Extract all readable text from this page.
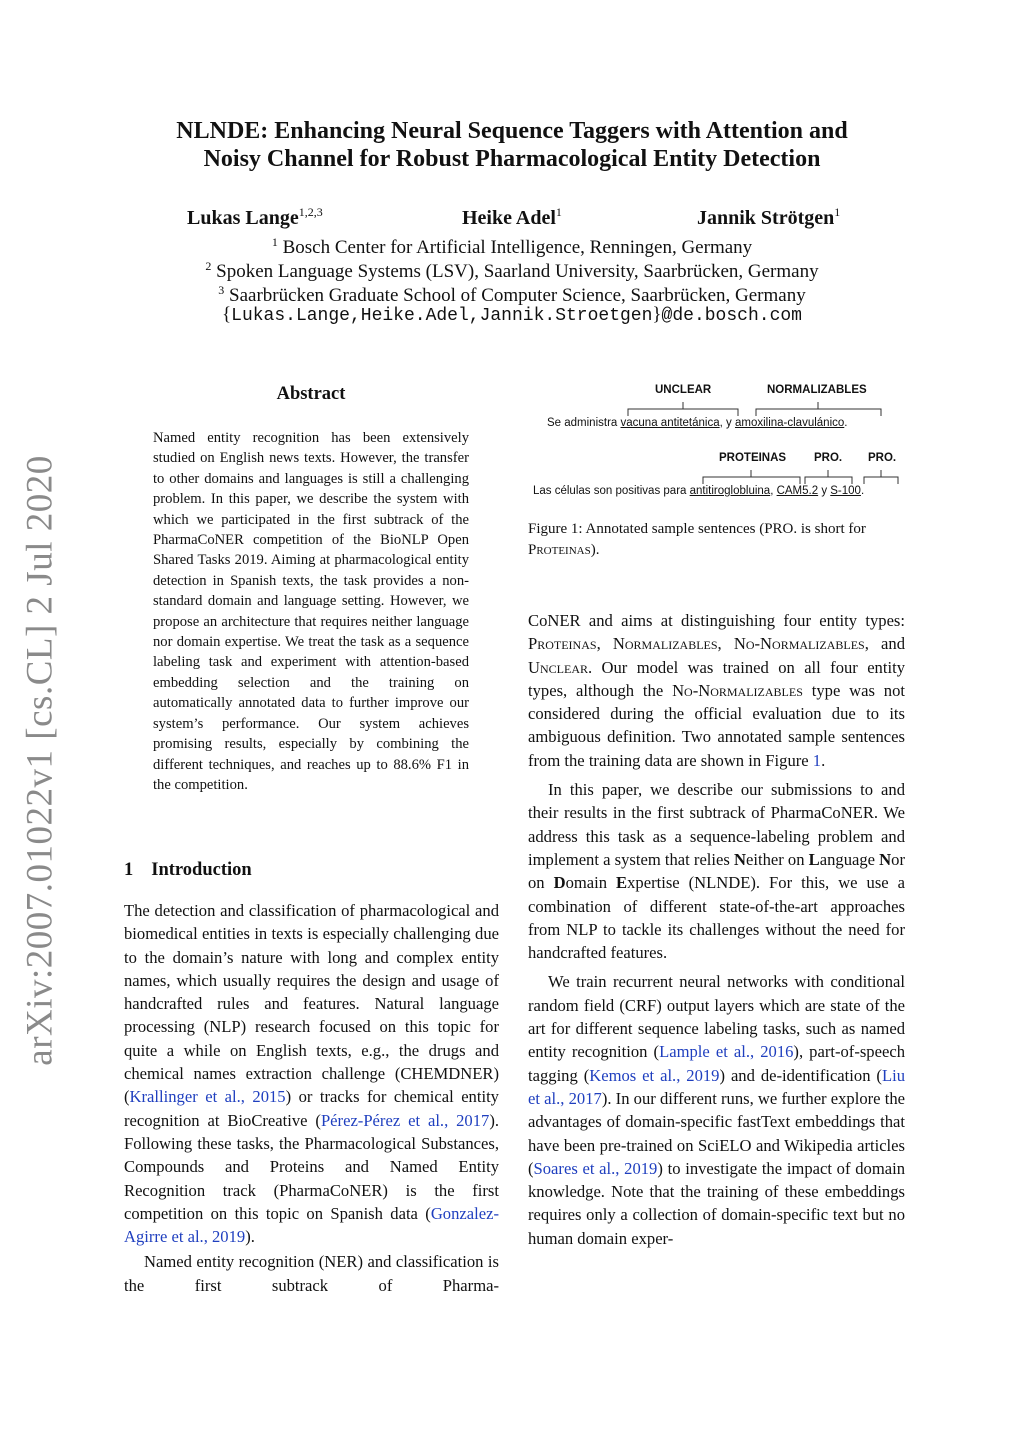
arXiv:2007.01022v1 [cs.CL] 2 Jul 2020
NLNDE: Enhancing Neural Sequence Taggers with Attention and
Noisy Channel for Robust Pharmacological Entity Detection
Lukas Lange$^{1,2,3}$	Heike Adel$^1$	Jannik Strötgen$^1$
$^1$ Bosch Center for Artificial Intelligence, Renningen, Germany
$^2$ Spoken Language Systems (LSV), Saarland University, Saarbrücken, Germany
$^3$ Saarbrücken Graduate School of Computer Science, Saarbrücken, Germany
{Lukas.Lange,Heike.Adel,Jannik.Stroetgen}@de.bosch.com
Abstract
Named entity recognition has been extensively studied on English news texts. However, the transfer to other domains and languages is still a challenging problem. In this paper, we describe the system with which we participated in the first subtrack of the PharmaCoNER competition of the BioNLP Open Shared Tasks 2019. Aiming at pharmacological entity detection in Spanish texts, the task provides a non-standard domain and language setting. However, we propose an architecture that requires neither language nor domain expertise. We treat the task as a sequence labeling task and experiment with attention-based embedding selection and the training on automatically annotated data to further improve our system’s performance. Our system achieves promising results, especially by combining the different techniques, and reaches up to 88.6% F1 in the competition.
1 Introduction

The detection and classification of pharmacological and biomedical entities in texts is especially challenging due to the domain’s nature with long and complex entity names, which usually requires the design and usage of handcrafted rules and features. Natural language processing (NLP) research focused on this topic for quite a while on English texts, e.g., the drugs and chemical names extraction challenge (CHEMDNER) (Krallinger et al., 2015) or tracks for chemical entity recognition at BioCreative (Pérez-Pérez et al., 2017). Following these tasks, the Pharmacological Substances, Compounds and Proteins and Named Entity Recognition track (PharmaCoNER) is the first competition on this topic on Spanish data (Gonzalez-Agirre et al., 2019).

Named entity recognition (NER) and classification is the first subtrack of Pharma-

UNCLEAR	NORMALIZABLES
Se administra vacuna antitetánica, y amoxilina-clavulánico.
PROTEINAS PRO. PRO.
Las células son positivas para antitiroglobluina, CAM5.2 y S-100.
Figure 1: Annotated sample sentences (PRO. is short for Proteinas).

CoNER and aims at distinguishing four entity types: Proteinas, Normalizables, No-Normalizables, and Unclear. Our model was trained on all four entity types, although the No-Normalizables type was not considered during the official evaluation due to its ambiguous definition. Two annotated sample sentences from the training data are shown in Figure 1.

In this paper, we describe our submissions to and their results in the first subtrack of PharmaCoNER. We address this task as a sequence-labeling problem and implement a system that relies Neither on Language Nor on Domain Expertise (NLNDE). For this, we use a combination of different state-of-the-art approaches from NLP to tackle its challenges without the need for handcrafted features.

We train recurrent neural networks with conditional random field (CRF) output layers which are state of the art for different sequence labeling tasks, such as named entity recognition (Lample et al., 2016), part-of-speech tagging (Kemos et al., 2019) and de-identification (Liu et al., 2017). In our different runs, we further explore the advantages of domain-specific fastText embeddings that have been pre-trained on SciELO and Wikipedia articles (Soares et al., 2019) to investigate the impact of domain knowledge. Note that the training of these embeddings requires only a collection of domain-specific text but no human domain exper-
